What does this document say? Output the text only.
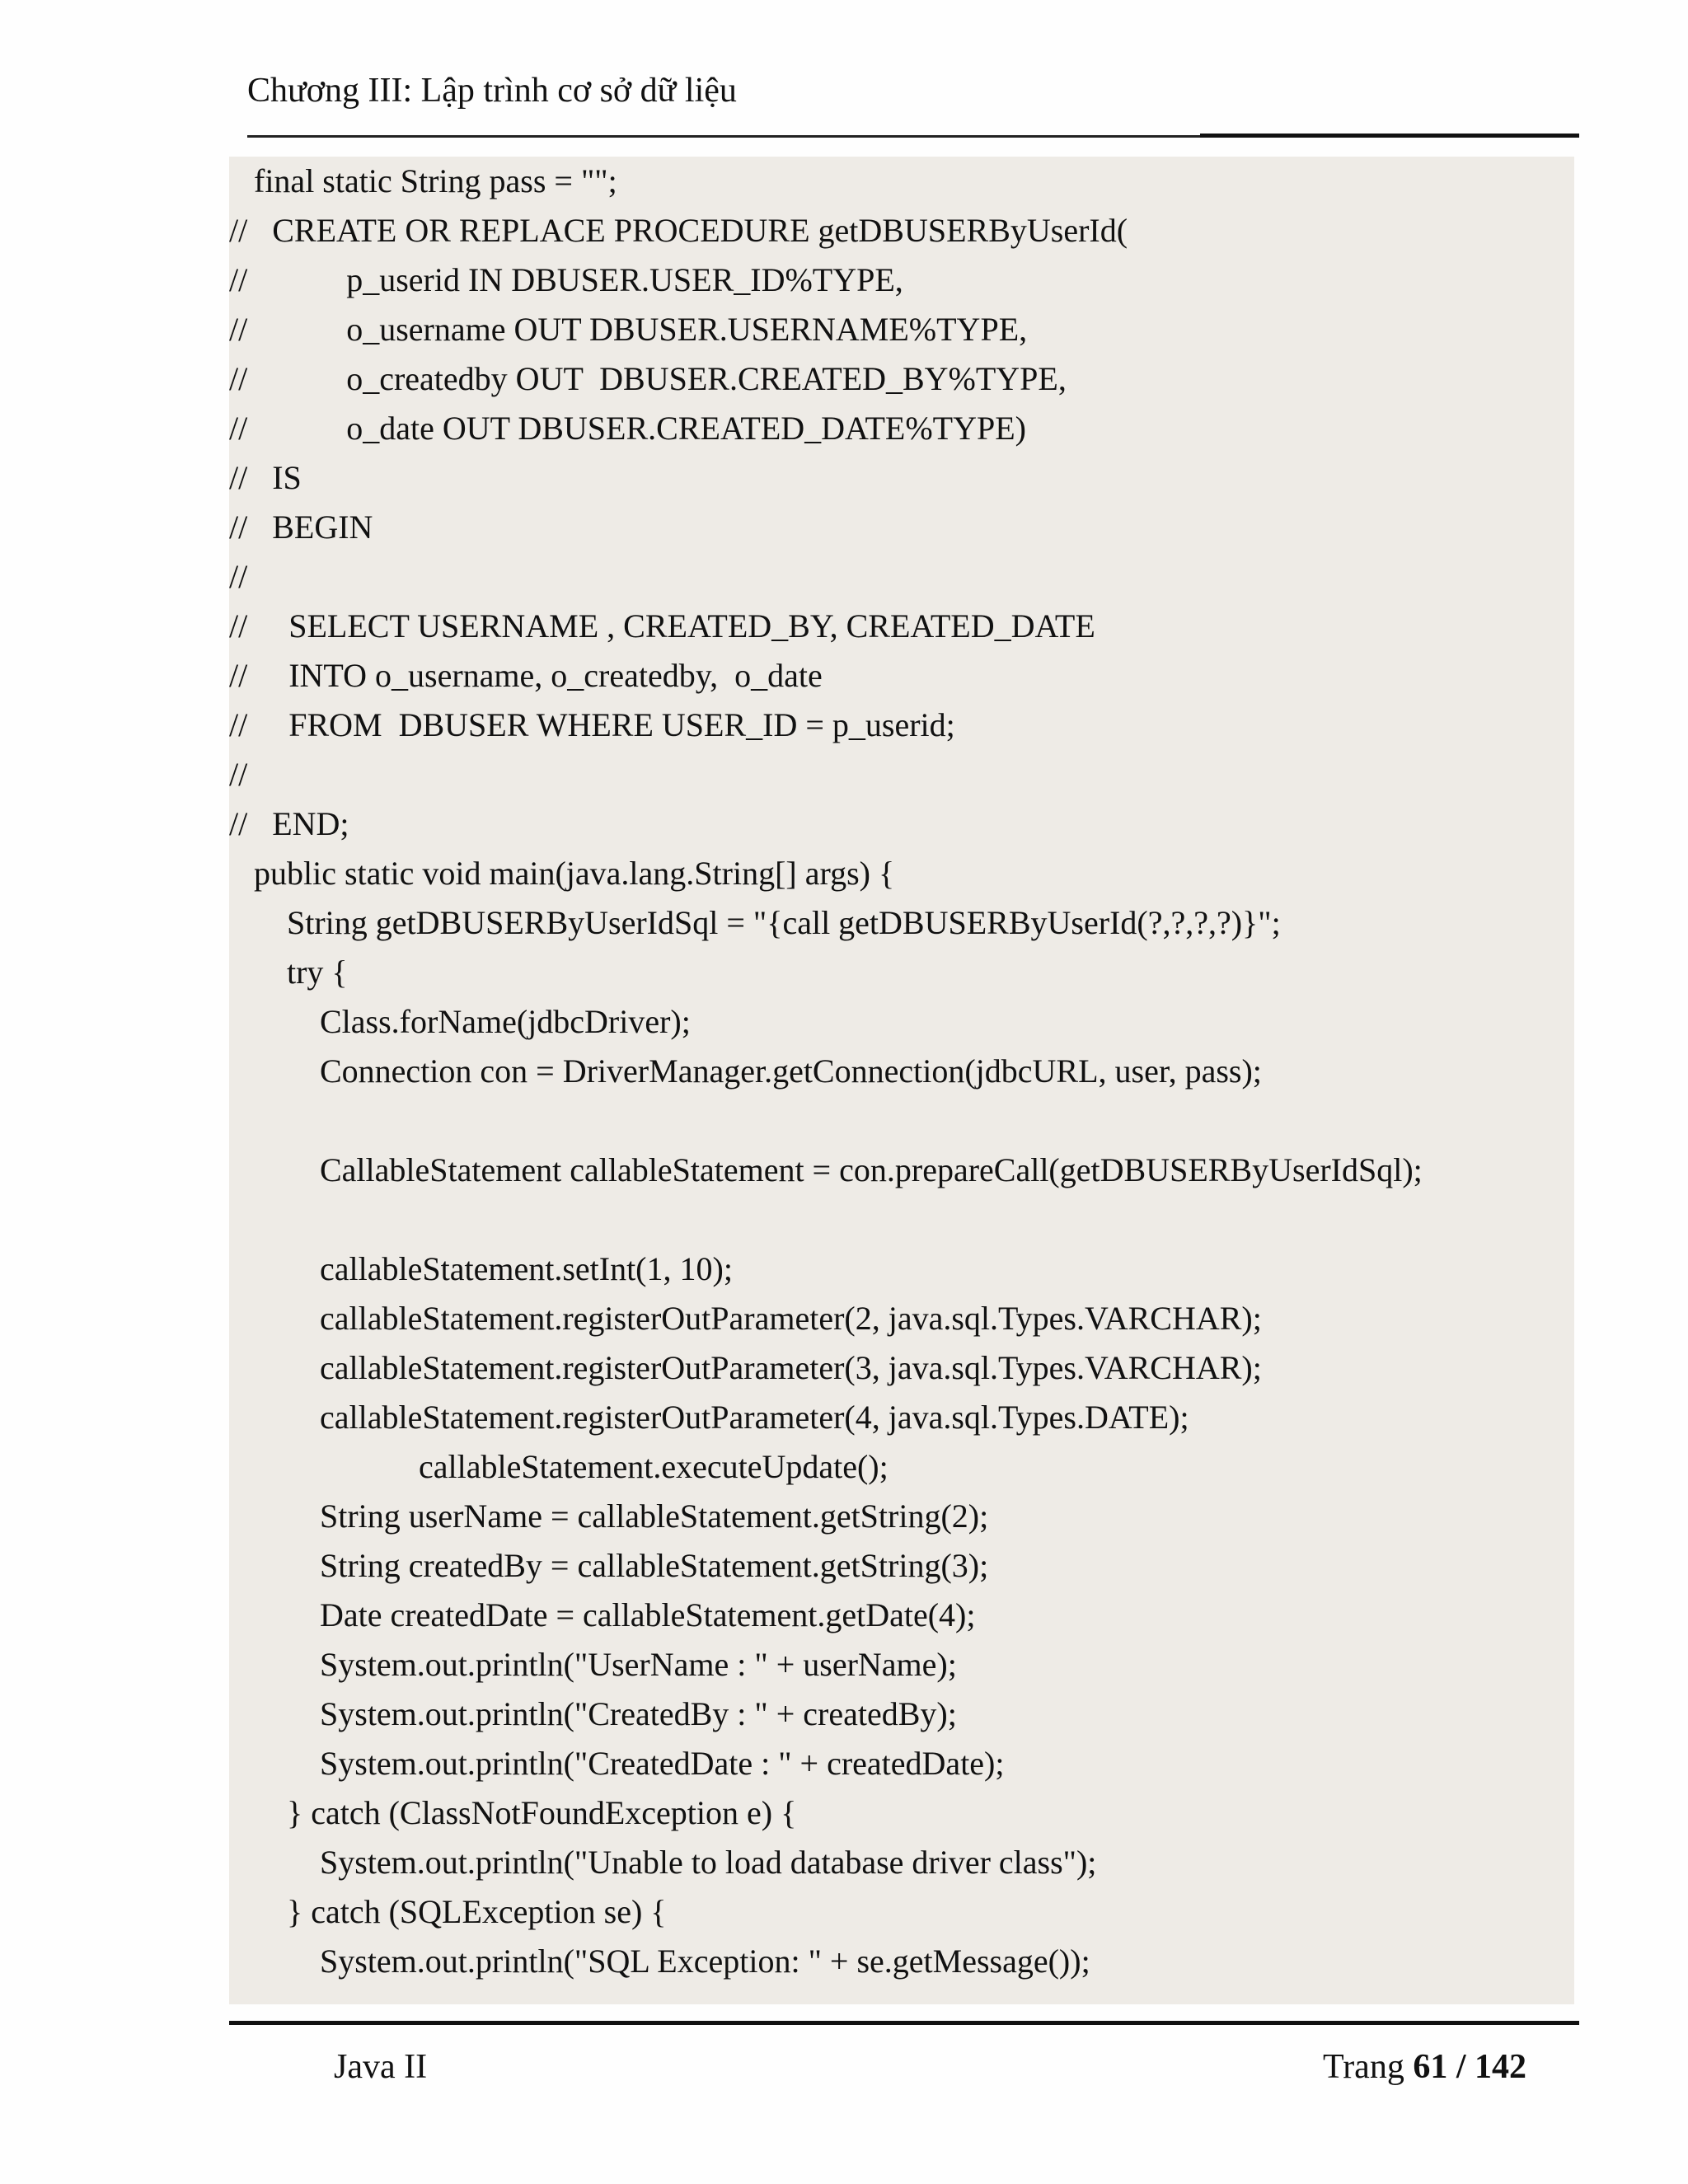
Chương III: Lập trình cơ sở dữ liệu
final static String pass = "";
//   CREATE OR REPLACE PROCEDURE getDBUSERByUserId(
//            p_userid IN DBUSER.USER_ID%TYPE,
//            o_username OUT DBUSER.USERNAME%TYPE,
//            o_createdby OUT  DBUSER.CREATED_BY%TYPE,
//            o_date OUT DBUSER.CREATED_DATE%TYPE)
//   IS
//   BEGIN
//
//     SELECT USERNAME , CREATED_BY, CREATED_DATE
//     INTO o_username, o_createdby,  o_date
//     FROM  DBUSER WHERE USER_ID = p_userid;
//
//   END;
public static void main(java.lang.String[] args) {
String getDBUSERByUserIdSql = "{call getDBUSERByUserId(?,?,?,?)}";
try {
Class.forName(jdbcDriver);
Connection con = DriverManager.getConnection(jdbcURL, user, pass);
CallableStatement callableStatement = con.prepareCall(getDBUSERByUserIdSql);
callableStatement.setInt(1, 10);
callableStatement.registerOutParameter(2, java.sql.Types.VARCHAR);
callableStatement.registerOutParameter(3, java.sql.Types.VARCHAR);
callableStatement.registerOutParameter(4, java.sql.Types.DATE);
callableStatement.executeUpdate();
String userName = callableStatement.getString(2);
String createdBy = callableStatement.getString(3);
Date createdDate = callableStatement.getDate(4);
System.out.println("UserName : " + userName);
System.out.println("CreatedBy : " + createdBy);
System.out.println("CreatedDate : " + createdDate);
} catch (ClassNotFoundException e) {
System.out.println("Unable to load database driver class");
} catch (SQLException se) {
System.out.println("SQL Exception: " + se.getMessage());
Java II	Trang 61 / 142
